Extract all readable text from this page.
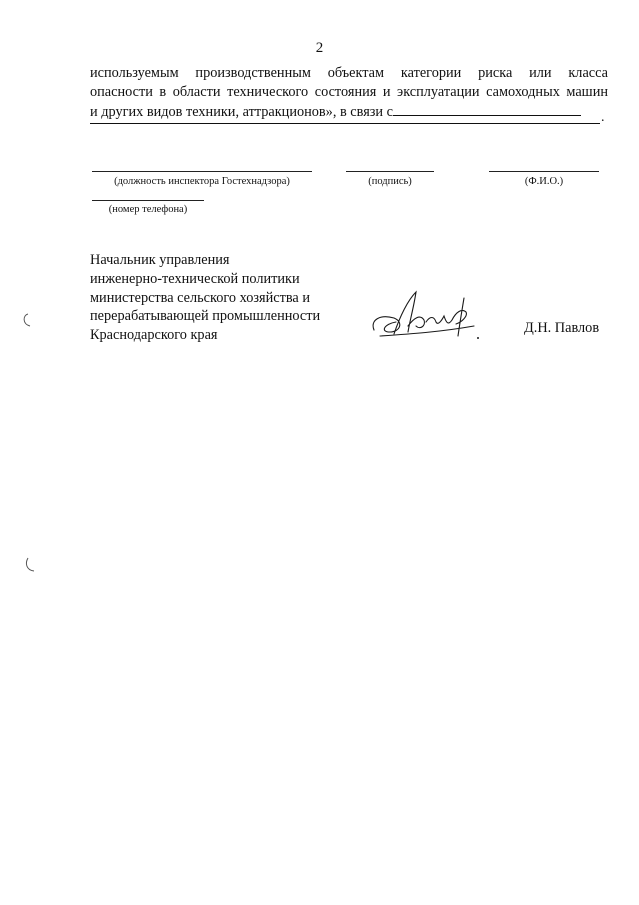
2
используемым производственным объектам категории риска или класса
опасности в области технического состояния и эксплуатации самоходных машин
и других видов техники, аттракционов», в связи с	.
(должность инспектора Гостехнадзора)	(подпись)	(Ф.И.О.)
(номер телефона)
Начальник управления
инженерно-технической политики
министерства сельского хозяйства и
перерабатывающей промышленности
Краснодарского края	Д.Н. Павлов
